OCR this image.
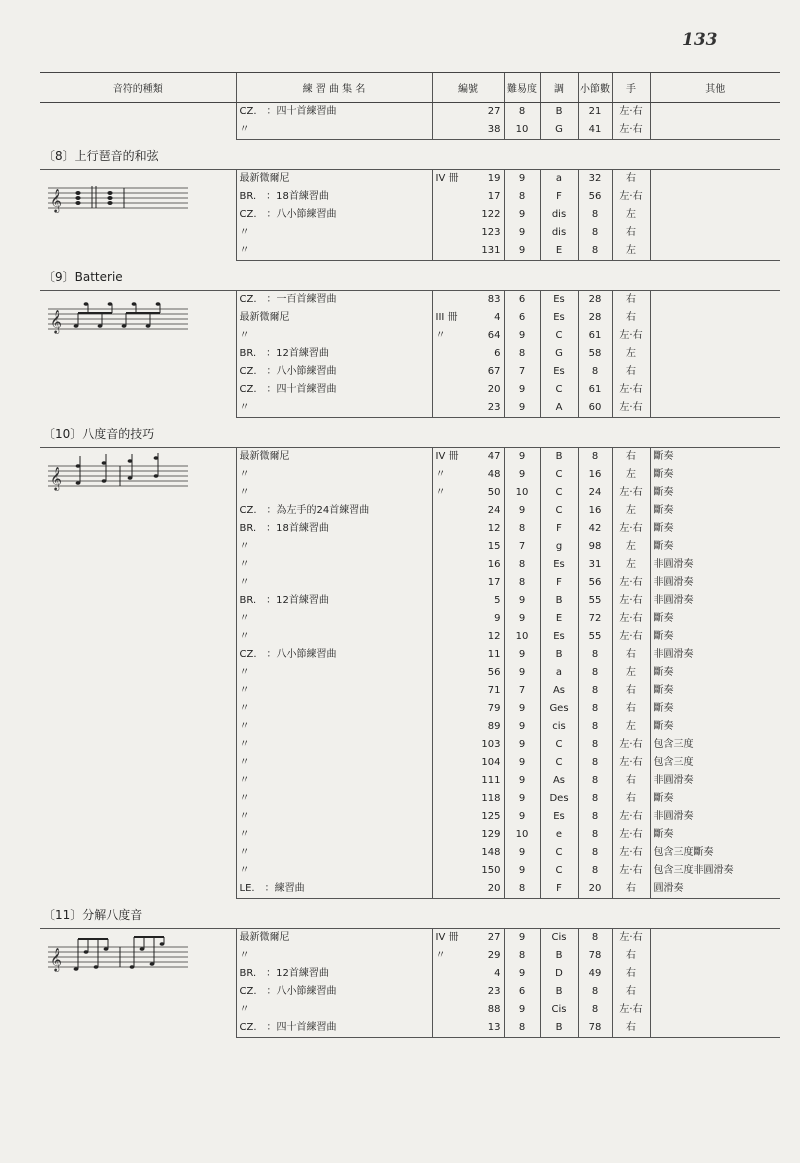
133
音符的種類	練 習 曲 集 名	編號	難易度	調	小節數	手	其他
	CZ.　：四十首練習曲	27	8	B	21	左·右	
	〃	38	10	G	41	左·右	
〔8〕上行琶音的和弦							

𝄞	最新微爾尼	IV 冊 19	9	a	32	右	
	BR.　：18首練習曲	17	8	F	56	左·右	
	CZ.　：八小節練習曲	122	9	dis	8	左	
	〃	123	9	dis	8	右	
	〃	131	9	E	8	左	
〔9〕Batterie							

𝄞	CZ.　：一百首練習曲	83	6	Es	28	右	
	最新微爾尼	III 冊 4	6	Es	28	右	
	〃	〃 64	9	C	61	左·右	
	BR.　：12首練習曲	6	8	G	58	左	
	CZ.　：八小節練習曲	67	7	Es	8	右	
	CZ.　：四十首練習曲	20	9	C	61	左·右	
	〃	23	9	A	60	左·右	
〔10〕八度音的技巧							

𝄞	最新微爾尼	IV 冊 47	9	B	8	右	斷奏
	〃	〃 48	9	C	16	左	斷奏
	〃	〃 50	10	C	24	左·右	斷奏
	CZ.　：為左手的24首練習曲	24	9	C	16	左	斷奏
	BR.　：18首練習曲	12	8	F	42	左·右	斷奏
	〃	15	7	g	98	左	斷奏
	〃	16	8	Es	31	左	非圓滑奏
	〃	17	8	F	56	左·右	非圓滑奏
	BR.　：12首練習曲	5	9	B	55	左·右	非圓滑奏
	〃	9	9	E	72	左·右	斷奏
	〃	12	10	Es	55	左·右	斷奏
	CZ.　：八小節練習曲	11	9	B	8	右	非圓滑奏
	〃	56	9	a	8	左	斷奏
	〃	71	7	As	8	右	斷奏
	〃	79	9	Ges	8	右	斷奏
	〃	89	9	cis	8	左	斷奏
	〃	103	9	C	8	左·右	包含三度
	〃	104	9	C	8	左·右	包含三度
	〃	111	9	As	8	右	非圓滑奏
	〃	118	9	Des	8	右	斷奏
	〃	125	9	Es	8	左·右	非圓滑奏
	〃	129	10	e	8	左·右	斷奏
	〃	148	9	C	8	左·右	包含三度斷奏
	〃	150	9	C	8	左·右	包含三度非圓滑奏
	LE.　：練習曲	20	8	F	20	右	圓滑奏
〔11〕分解八度音							

𝄞	最新微爾尼	IV 冊 27	9	Cis	8	左·右	
	〃	〃 29	8	B	78	右	
	BR.　：12首練習曲	4	9	D	49	右	
	CZ.　：八小節練習曲	23	6	B	8	右	
	〃	88	9	Cis	8	左·右	
	CZ.　：四十首練習曲	13	8	B	78	右	
